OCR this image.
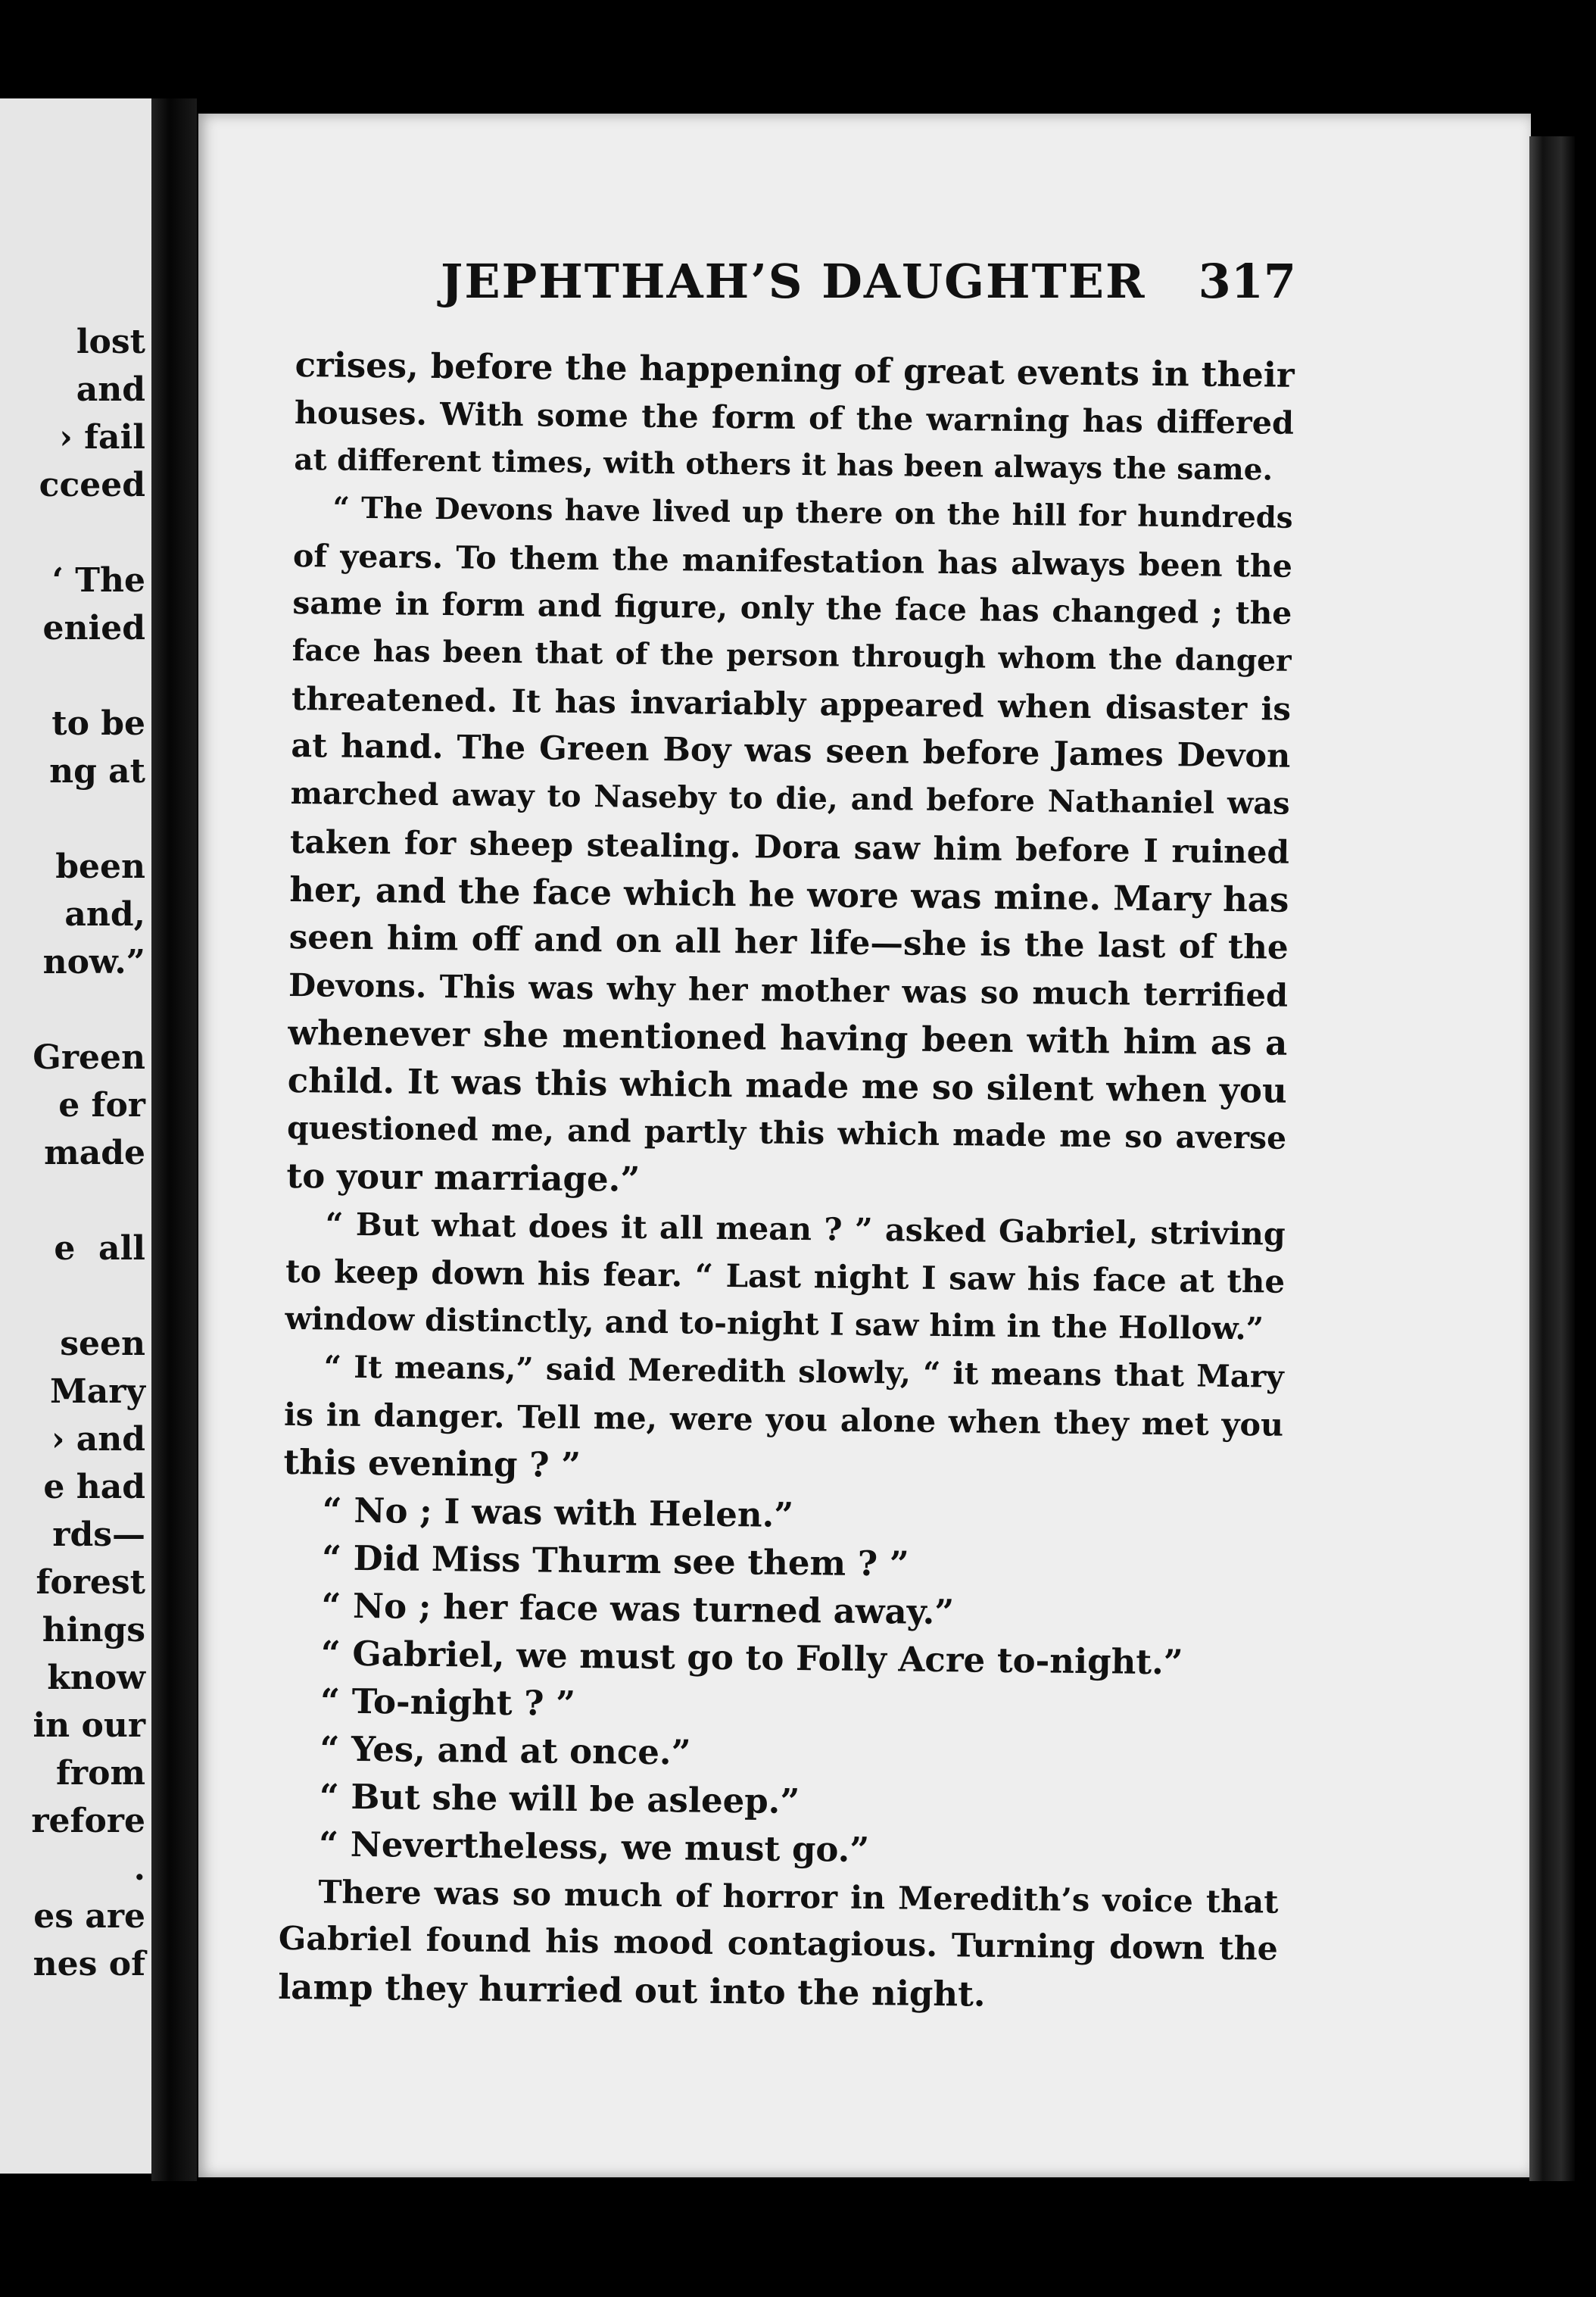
lost
and
› fail
cceed

‘ The
enied

to be
ng at

been
and,
now.”

Green
e for
made

e  all

seen
Mary
› and
e had
rds—
forest
hings
know
in our
from
refore
.
es are
nes of
JEPHTHAH’S DAUGHTER 317
crises, before the happening of great events in their
houses. With some the form of the warning has differed
at different times, with others it has been always the same.
“ The Devons have lived up there on the hill for hundreds
of years. To them the manifestation has always been the
same in form and figure, only the face has changed ; the
face has been that of the person through whom the danger
threatened. It has invariably appeared when disaster is
at hand. The Green Boy was seen before James Devon
marched away to Naseby to die, and before Nathaniel was
taken for sheep stealing. Dora saw him before I ruined
her, and the face which he wore was mine. Mary has
seen him off and on all her life—she is the last of the
Devons. This was why her mother was so much terrified
whenever she mentioned having been with him as a
child. It was this which made me so silent when you
questioned me, and partly this which made me so averse
to your marriage.”
“ But what does it all mean ? ” asked Gabriel, striving
to keep down his fear. “ Last night I saw his face at the
window distinctly, and to-night I saw him in the Hollow.”
“ It means,” said Meredith slowly, “ it means that Mary
is in danger. Tell me, were you alone when they met you
this evening ? ”
“ No ; I was with Helen.”
“ Did Miss Thurm see them ? ”
“ No ; her face was turned away.”
“ Gabriel, we must go to Folly Acre to-night.”
“ To-night ? ”
“ Yes, and at once.”
“ But she will be asleep.”
“ Nevertheless, we must go.”
There was so much of horror in Meredith’s voice that
Gabriel found his mood contagious. Turning down the
lamp they hurried out into the night.
